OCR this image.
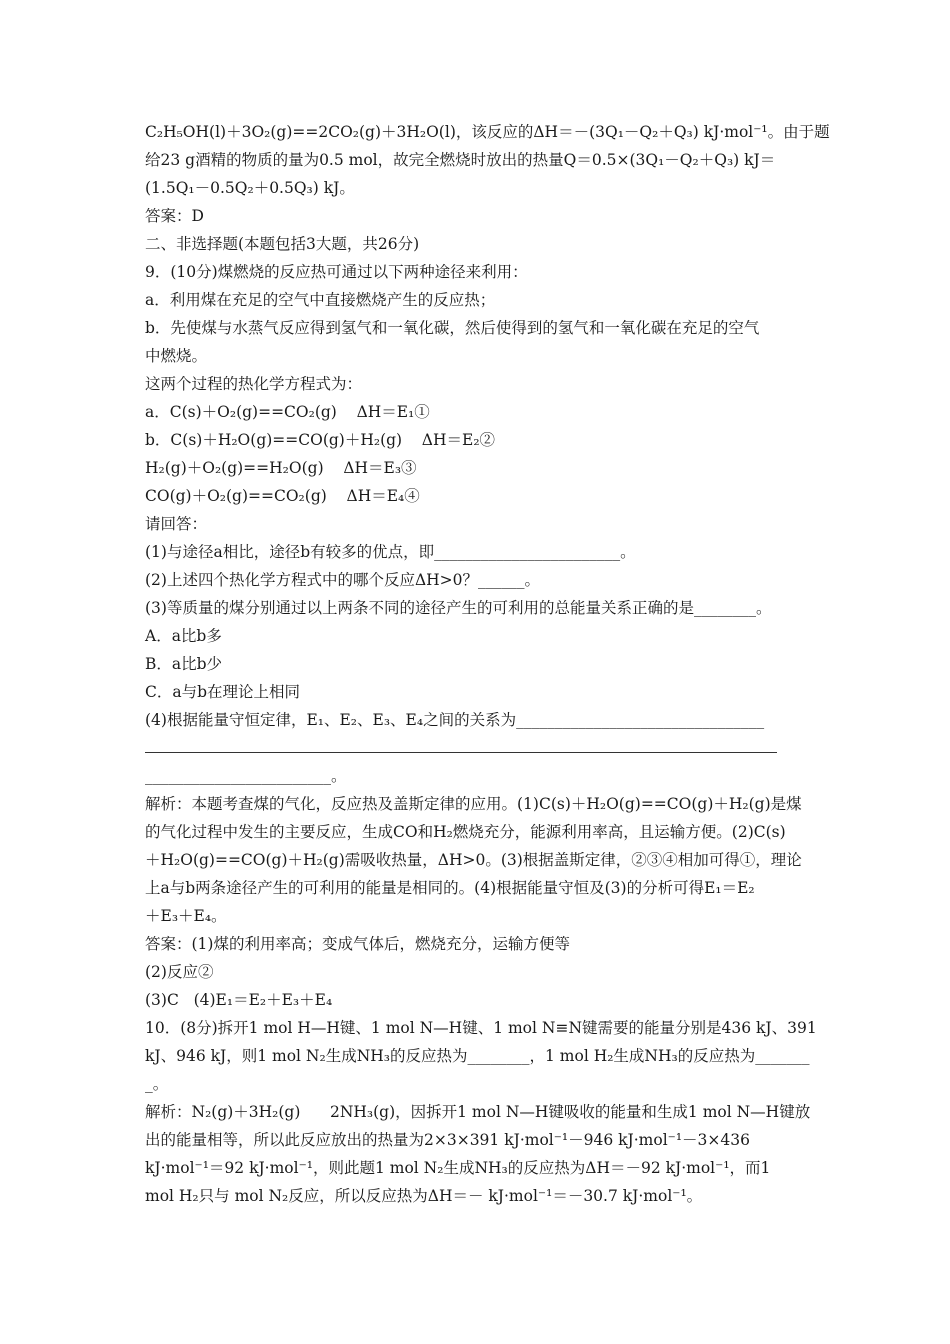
C₂H₅OH(l)＋3O₂(g)==2CO₂(g)＋3H₂O(l)，该反应的ΔH＝－(3Q₁－Q₂＋Q₃) kJ·mol⁻¹。由于题
给23 g酒精的物质的量为0.5 mol，故完全燃烧时放出的热量Q＝0.5×(3Q₁－Q₂＋Q₃) kJ＝
(1.5Q₁－0.5Q₂＋0.5Q₃) kJ。
答案：D
二、非选择题(本题包括3大题，共26分)
9．(10分)煤燃烧的反应热可通过以下两种途径来利用：
a．利用煤在充足的空气中直接燃烧产生的反应热；
b．先使煤与水蒸气反应得到氢气和一氧化碳，然后使得到的氢气和一氧化碳在充足的空气
中燃烧。
这两个过程的热化学方程式为：
a．C(s)＋O₂(g)==CO₂(g)    ΔH＝E₁①
b．C(s)＋H₂O(g)==CO(g)＋H₂(g)    ΔH＝E₂②
H₂(g)＋O₂(g)==H₂O(g)    ΔH＝E₃③
CO(g)＋O₂(g)==CO₂(g)    ΔH＝E₄④
请回答：
(1)与途径a相比，途径b有较多的优点，即________________________。
(2)上述四个热化学方程式中的哪个反应ΔH>0？______。
(3)等质量的煤分别通过以上两条不同的途径产生的可利用的总能量关系正确的是________。
A．a比b多
B．a比b少
C．a与b在理论上相同
(4)根据能量守恒定律，E₁、E₂、E₃、E₄之间的关系为________________________________
________________________。
解析：本题考查煤的气化，反应热及盖斯定律的应用。(1)C(s)＋H₂O(g)==CO(g)＋H₂(g)是煤
的气化过程中发生的主要反应，生成CO和H₂燃烧充分，能源利用率高，且运输方便。(2)C(s)
＋H₂O(g)==CO(g)＋H₂(g)需吸收热量，ΔH>0。(3)根据盖斯定律，②③④相加可得①，理论
上a与b两条途径产生的可利用的能量是相同的。(4)根据能量守恒及(3)的分析可得E₁＝E₂
＋E₃＋E₄。
答案：(1)煤的利用率高；变成气体后，燃烧充分，运输方便等
(2)反应②
(3)C   (4)E₁＝E₂＋E₃＋E₄
10．(8分)拆开1 mol H—H键、1 mol N—H键、1 mol N≡N键需要的能量分别是436 kJ、391
kJ、946 kJ，则1 mol N₂生成NH₃的反应热为________，1 mol H₂生成NH₃的反应热为_______
_。
解析：N₂(g)＋3H₂(g)      2NH₃(g)，因拆开1 mol N—H键吸收的能量和生成1 mol N—H键放
出的能量相等，所以此反应放出的热量为2×3×391 kJ·mol⁻¹－946 kJ·mol⁻¹－3×436
kJ·mol⁻¹＝92 kJ·mol⁻¹，则此题1 mol N₂生成NH₃的反应热为ΔH＝－92 kJ·mol⁻¹，而1
mol H₂只与 mol N₂反应，所以反应热为ΔH＝－ kJ·mol⁻¹＝－30.7 kJ·mol⁻¹。
